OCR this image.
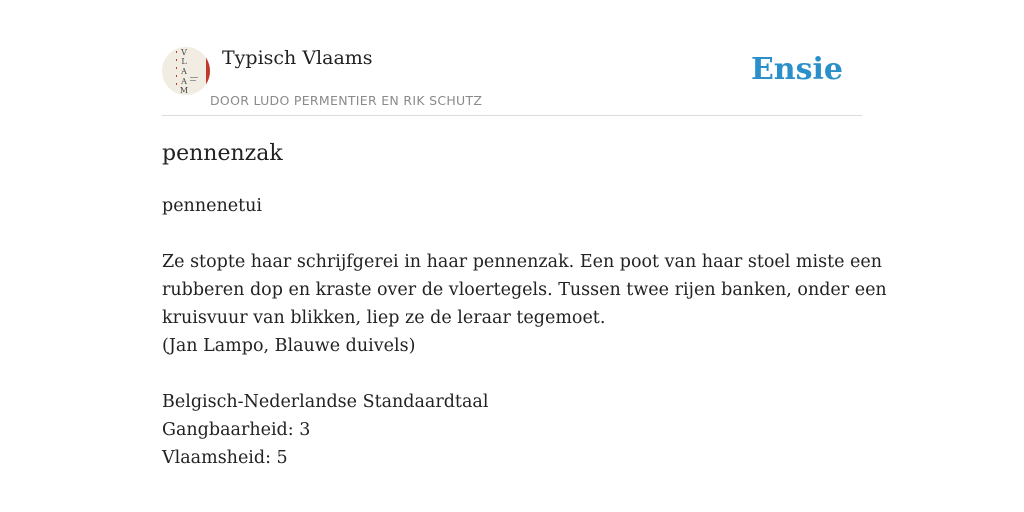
V
L
A
A
M
Typisch Vlaams
DOOR LUDO PERMENTIER EN RIK SCHUTZ
Ensie
pennenzak
pennenetui
Ze stopte haar schrijfgerei in haar pennenzak. Een poot van haar stoel miste een
rubberen dop en kraste over de vloertegels. Tussen twee rijen banken, onder een
kruisvuur van blikken, liep ze de leraar tegemoet.
(Jan Lampo, Blauwe duivels)
Belgisch-Nederlandse Standaardtaal
Gangbaarheid: 3
Vlaamsheid: 5
